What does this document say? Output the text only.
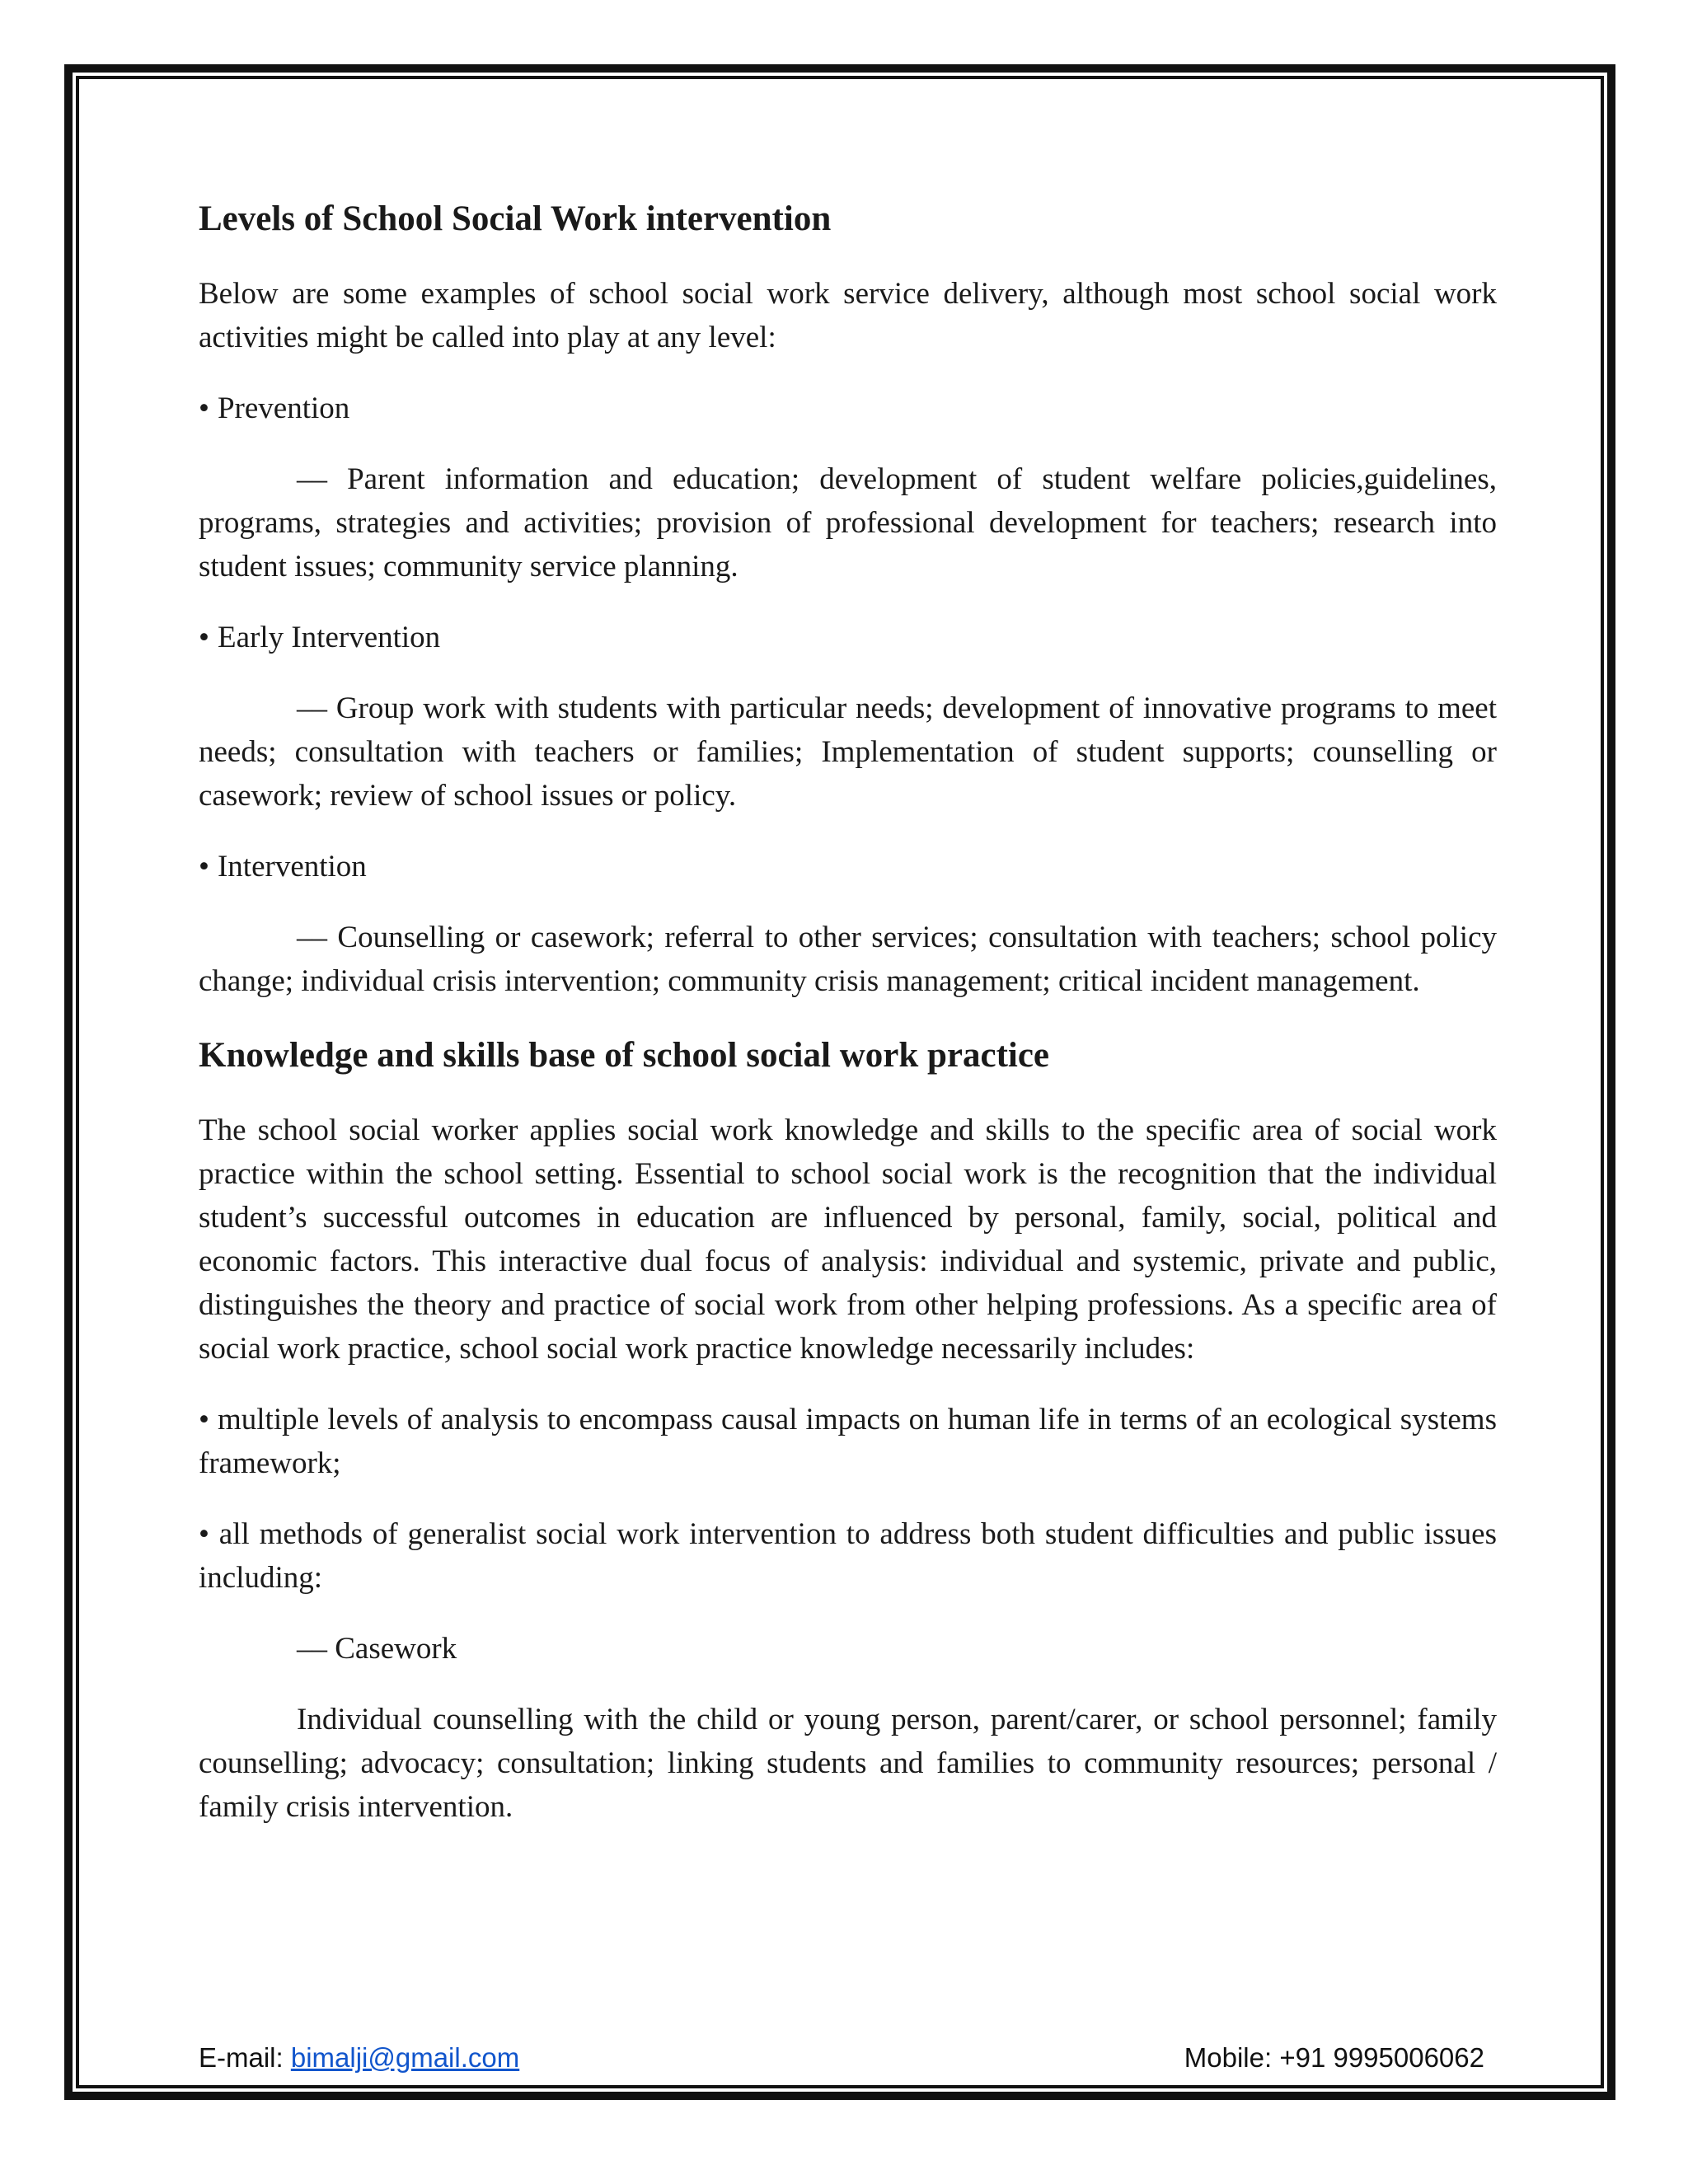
Levels of School Social Work intervention

Below are some examples of school social work service delivery, although most school social work activities might be called into play at any level:

• Prevention

–– Parent information and education; development of student welfare policies,guidelines, programs, strategies and activities; provision of professional development for teachers; research into student issues; community service planning.

• Early Intervention

–– Group work with students with particular needs; development of innovative programs to meet needs; consultation with teachers or families; Implementation of student supports; counselling or casework; review of school issues or policy.

• Intervention

–– Counselling or casework; referral to other services; consultation with teachers; school policy change; individual crisis intervention; community crisis management; critical incident management.

Knowledge and skills base of school social work practice

The school social worker applies social work knowledge and skills to the specific area of social work practice within the school setting. Essential to school social work is the recognition that the individual student’s successful outcomes in education are influenced by personal, family, social, political and economic factors. This interactive dual focus of analysis: individual and systemic, private and public, distinguishes the theory and practice of social work from other helping professions. As a specific area of social work practice, school social work practice knowledge necessarily includes:

• multiple levels of analysis to encompass causal impacts on human life in terms of an ecological systems framework;

• all methods of generalist social work intervention to address both student difficulties and public issues including:

–– Casework

Individual counselling with the child or young person, parent/carer, or school personnel; family counselling; advocacy; consultation; linking students and families to community resources; personal / family crisis intervention.

E-mail: bimalji@gmail.com	Mobile: +91 9995006062
